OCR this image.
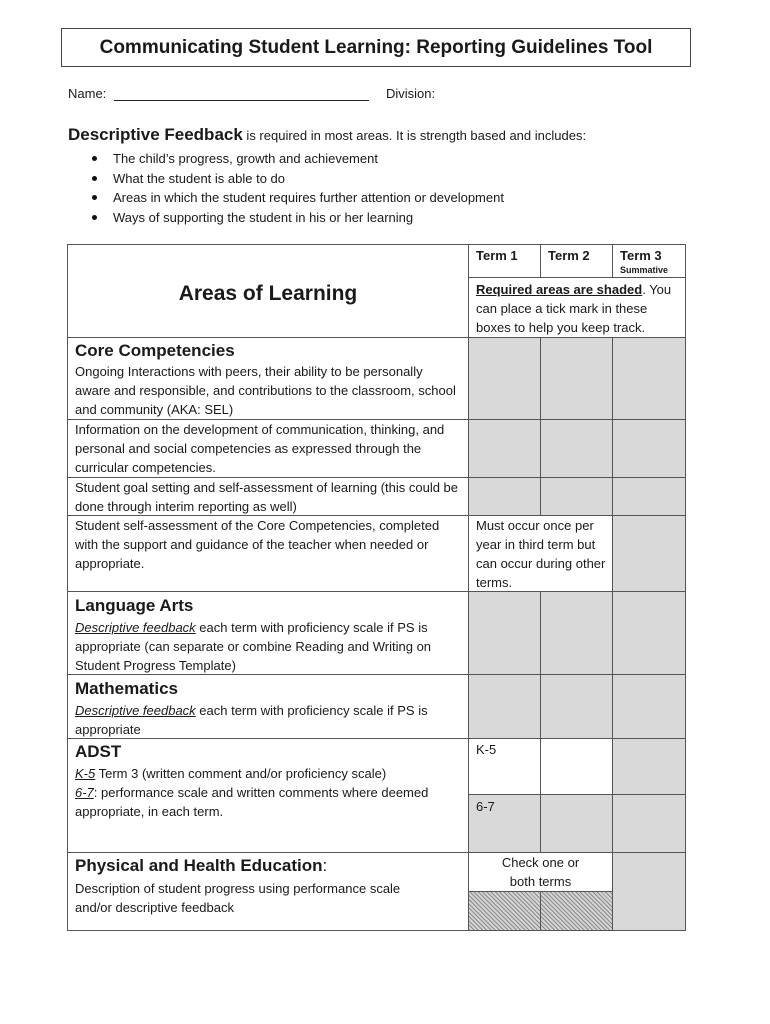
Communicating Student Learning: Reporting Guidelines Tool
Name:	Division:
Descriptive Feedback is required in most areas. It is strength based and includes:
The child’s progress, growth and achievement
What the student is able to do
Areas in which the student requires further attention or development
Ways of supporting the student in his or her learning
Areas of Learning
Core Competencies
Ongoing Interactions with peers, their ability to be personally aware and responsible, and contributions to the classroom, school and community (AKA: SEL)
Information on the development of communication, thinking, and personal and social competencies as expressed through the curricular competencies.
Student goal setting and self-assessment of learning (this could be done through interim reporting as well)
Student self-assessment of the Core Competencies, completed with the support and guidance of the teacher when needed or appropriate.
Language Arts
Descriptive feedback each term with proficiency scale if PS is appropriate (can separate or combine Reading and Writing on Student Progress Template)
Mathematics
Descriptive feedback each term with proficiency scale if PS is appropriate
ADST
K-5 Term 3 (written comment and/or proficiency scale)
6-7: performance scale and written comments where deemed appropriate, in each term.
Physical and Health Education:
Description of student progress using performance scale and/or descriptive feedback
Term 1 Term 2 Term 3
Summative
Required areas are shaded. You can place a tick mark in these boxes to help you keep track.
Must occur once per year in third term but can occur during other terms.
K-5
6-7
Check one or both terms
